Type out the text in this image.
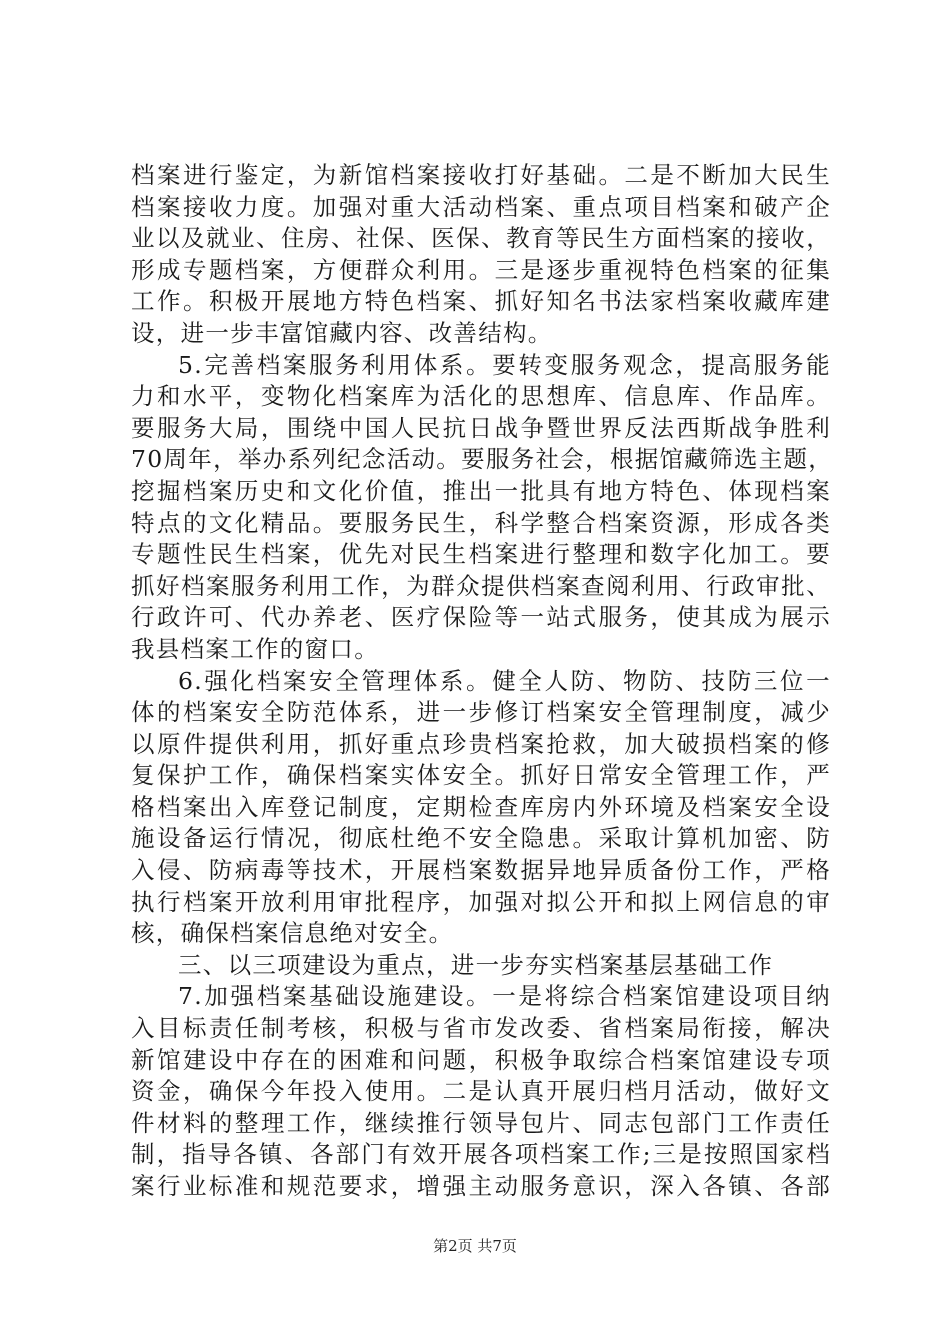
档案进行鉴定，为新馆档案接收打好基础。二是不断加大民生
档案接收力度。加强对重大活动档案、重点项目档案和破产企
业以及就业、住房、社保、医保、教育等民生方面档案的接收，
形成专题档案，方便群众利用。三是逐步重视特色档案的征集
工作。积极开展地方特色档案、抓好知名书法家档案收藏库建
设，进一步丰富馆藏内容、改善结构。
5.完善档案服务利用体系。要转变服务观念，提高服务能
力和水平，变物化档案库为活化的思想库、信息库、作品库。
要服务大局，围绕中国人民抗日战争暨世界反法西斯战争胜利
70周年，举办系列纪念活动。要服务社会，根据馆藏筛选主题，
挖掘档案历史和文化价值，推出一批具有地方特色、体现档案
特点的文化精品。要服务民生，科学整合档案资源，形成各类
专题性民生档案，优先对民生档案进行整理和数字化加工。要
抓好档案服务利用工作，为群众提供档案查阅利用、行政审批、
行政许可、代办养老、医疗保险等一站式服务，使其成为展示
我县档案工作的窗口。
6.强化档案安全管理体系。健全人防、物防、技防三位一
体的档案安全防范体系，进一步修订档案安全管理制度，减少
以原件提供利用，抓好重点珍贵档案抢救，加大破损档案的修
复保护工作，确保档案实体安全。抓好日常安全管理工作，严
格档案出入库登记制度，定期检查库房内外环境及档案安全设
施设备运行情况，彻底杜绝不安全隐患。采取计算机加密、防
入侵、防病毒等技术，开展档案数据异地异质备份工作，严格
执行档案开放利用审批程序，加强对拟公开和拟上网信息的审
核，确保档案信息绝对安全。
三、以三项建设为重点，进一步夯实档案基层基础工作
7.加强档案基础设施建设。一是将综合档案馆建设项目纳
入目标责任制考核，积极与省市发改委、省档案局衔接，解决
新馆建设中存在的困难和问题，积极争取综合档案馆建设专项
资金，确保今年投入使用。二是认真开展归档月活动，做好文
件材料的整理工作，继续推行领导包片、同志包部门工作责任
制，指导各镇、各部门有效开展各项档案工作;三是按照国家档
案行业标准和规范要求，增强主动服务意识，深入各镇、各部
第2页 共7页
